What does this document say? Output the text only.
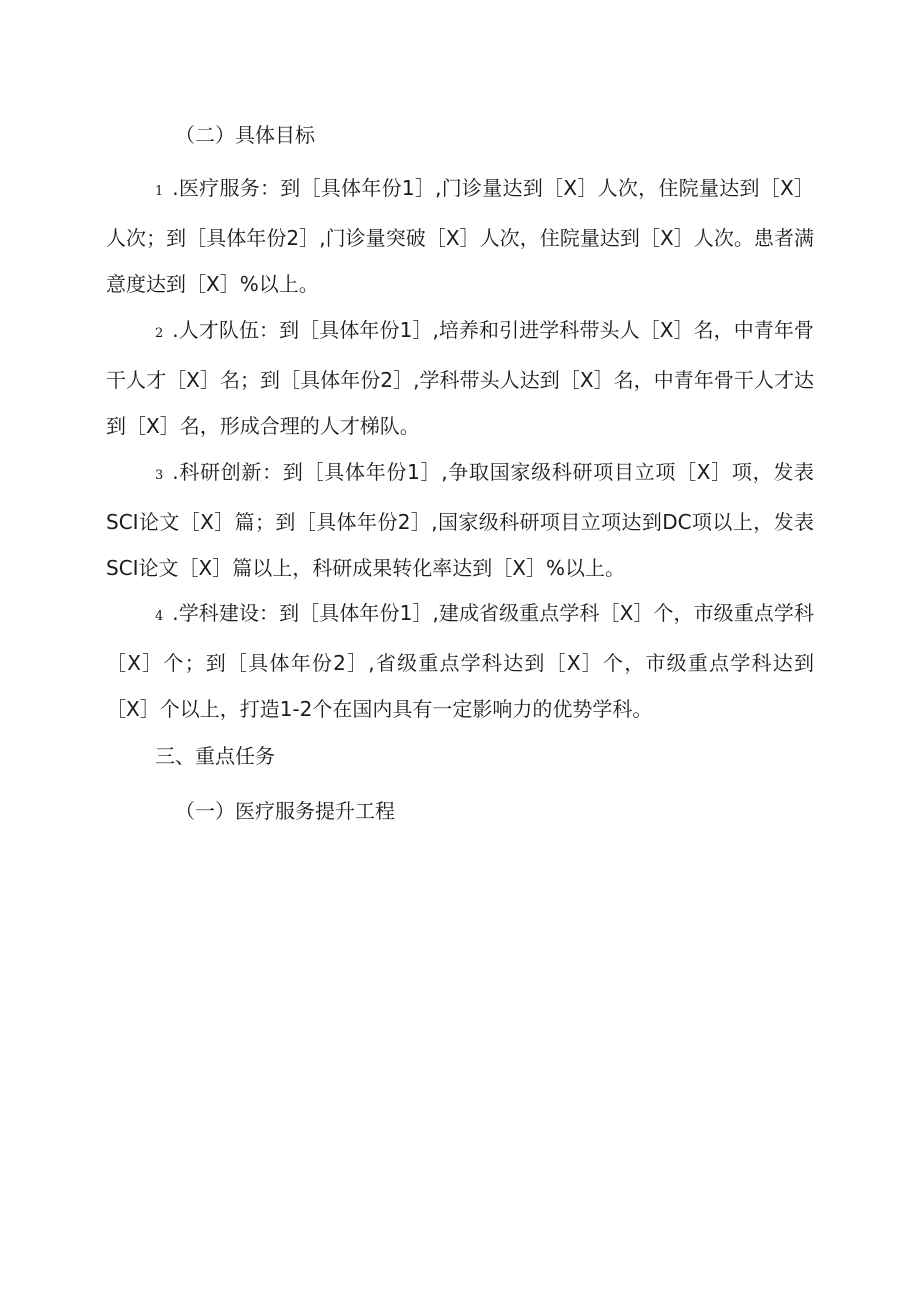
（二）具体目标
1 .医疗服务：到［具体年份1］,门诊量达到［X］人次，住院量达到［X］人次；到［具体年份2］,门诊量突破［X］人次，住院量达到［X］人次。患者满意度达到［X］%以上。
2 .人才队伍：到［具体年份1］,培养和引进学科带头人［X］名，中青年骨干人才［X］名；到［具体年份2］,学科带头人达到［X］名，中青年骨干人才达到［X］名，形成合理的人才梯队。
3 .科研创新：到［具体年份1］,争取国家级科研项目立项［X］项，发表SCI论文［X］篇；到［具体年份2］,国家级科研项目立项达到DC项以上，发表SCI论文［X］篇以上，科研成果转化率达到［X］%以上。
4 .学科建设：到［具体年份1］,建成省级重点学科［X］个，市级重点学科［X］个；到［具体年份2］,省级重点学科达到［X］个，市级重点学科达到［X］个以上，打造1-2个在国内具有一定影响力的优势学科。
三、重点任务
（一）医疗服务提升工程
